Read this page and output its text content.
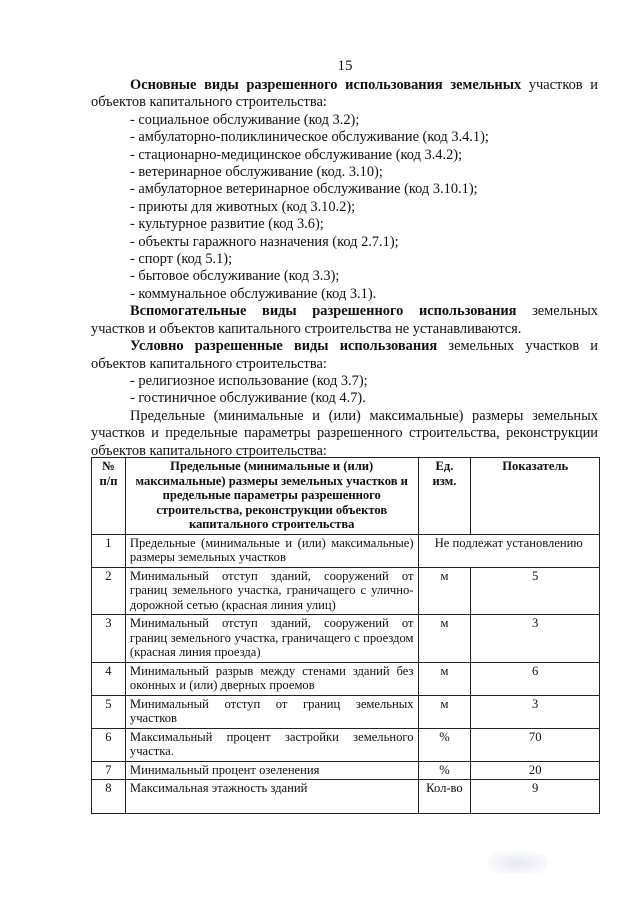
15

Основные виды разрешенного использования земельных участков и объектов капитального строительства:

- социальное обслуживание (код 3.2);
- амбулаторно-поликлиническое обслуживание (код 3.4.1);
- стационарно-медицинское обслуживание (код 3.4.2);
- ветеринарное обслуживание (код. 3.10);
- амбулаторное ветеринарное обслуживание (код 3.10.1);
- приюты для животных (код 3.10.2);
- культурное развитие (код 3.6);
- объекты гаражного назначения (код 2.7.1);
- спорт (код 5.1);
- бытовое обслуживание (код 3.3);
- коммунальное обслуживание (код 3.1).

Вспомогательные виды разрешенного использования земельных участков и объектов капитального строительства не устанавливаются.

Условно разрешенные виды использования земельных участков и объектов капитального строительства:

- религиозное использование (код 3.7);
- гостиничное обслуживание (код 4.7).

Предельные (минимальные и (или) максимальные) размеры земельных участков и предельные параметры разрешенного строительства, реконструкции объектов капитального строительства:

№ п/п	Предельные (минимальные и (или) максимальные) размеры земельных участков и предельные параметры разрешенного строительства, реконструкции объектов капитального строительства	Ед. изм.	Показатель
1	Предельные (минимальные и (или) максимальные) размеры земельных участков	Не подлежат установлению	
2	Минимальный отступ зданий, сооружений от границ земельного участка, граничащего с улично-дорожной сетью (красная линия улиц)	м	5
3	Минимальный отступ зданий, сооружений от границ земельного участка, граничащего с проездом (красная линия проезда)	м	3
4	Минимальный разрыв между стенами зданий без оконных и (или) дверных проемов	м	6
5	Минимальный отступ от границ земельных участков	м	3
6	Максимальный процент застройки земельного участка.	%	70
7	Минимальный процент озеленения	%	20
8	Максимальная этажность зданий	Кол-во	9
